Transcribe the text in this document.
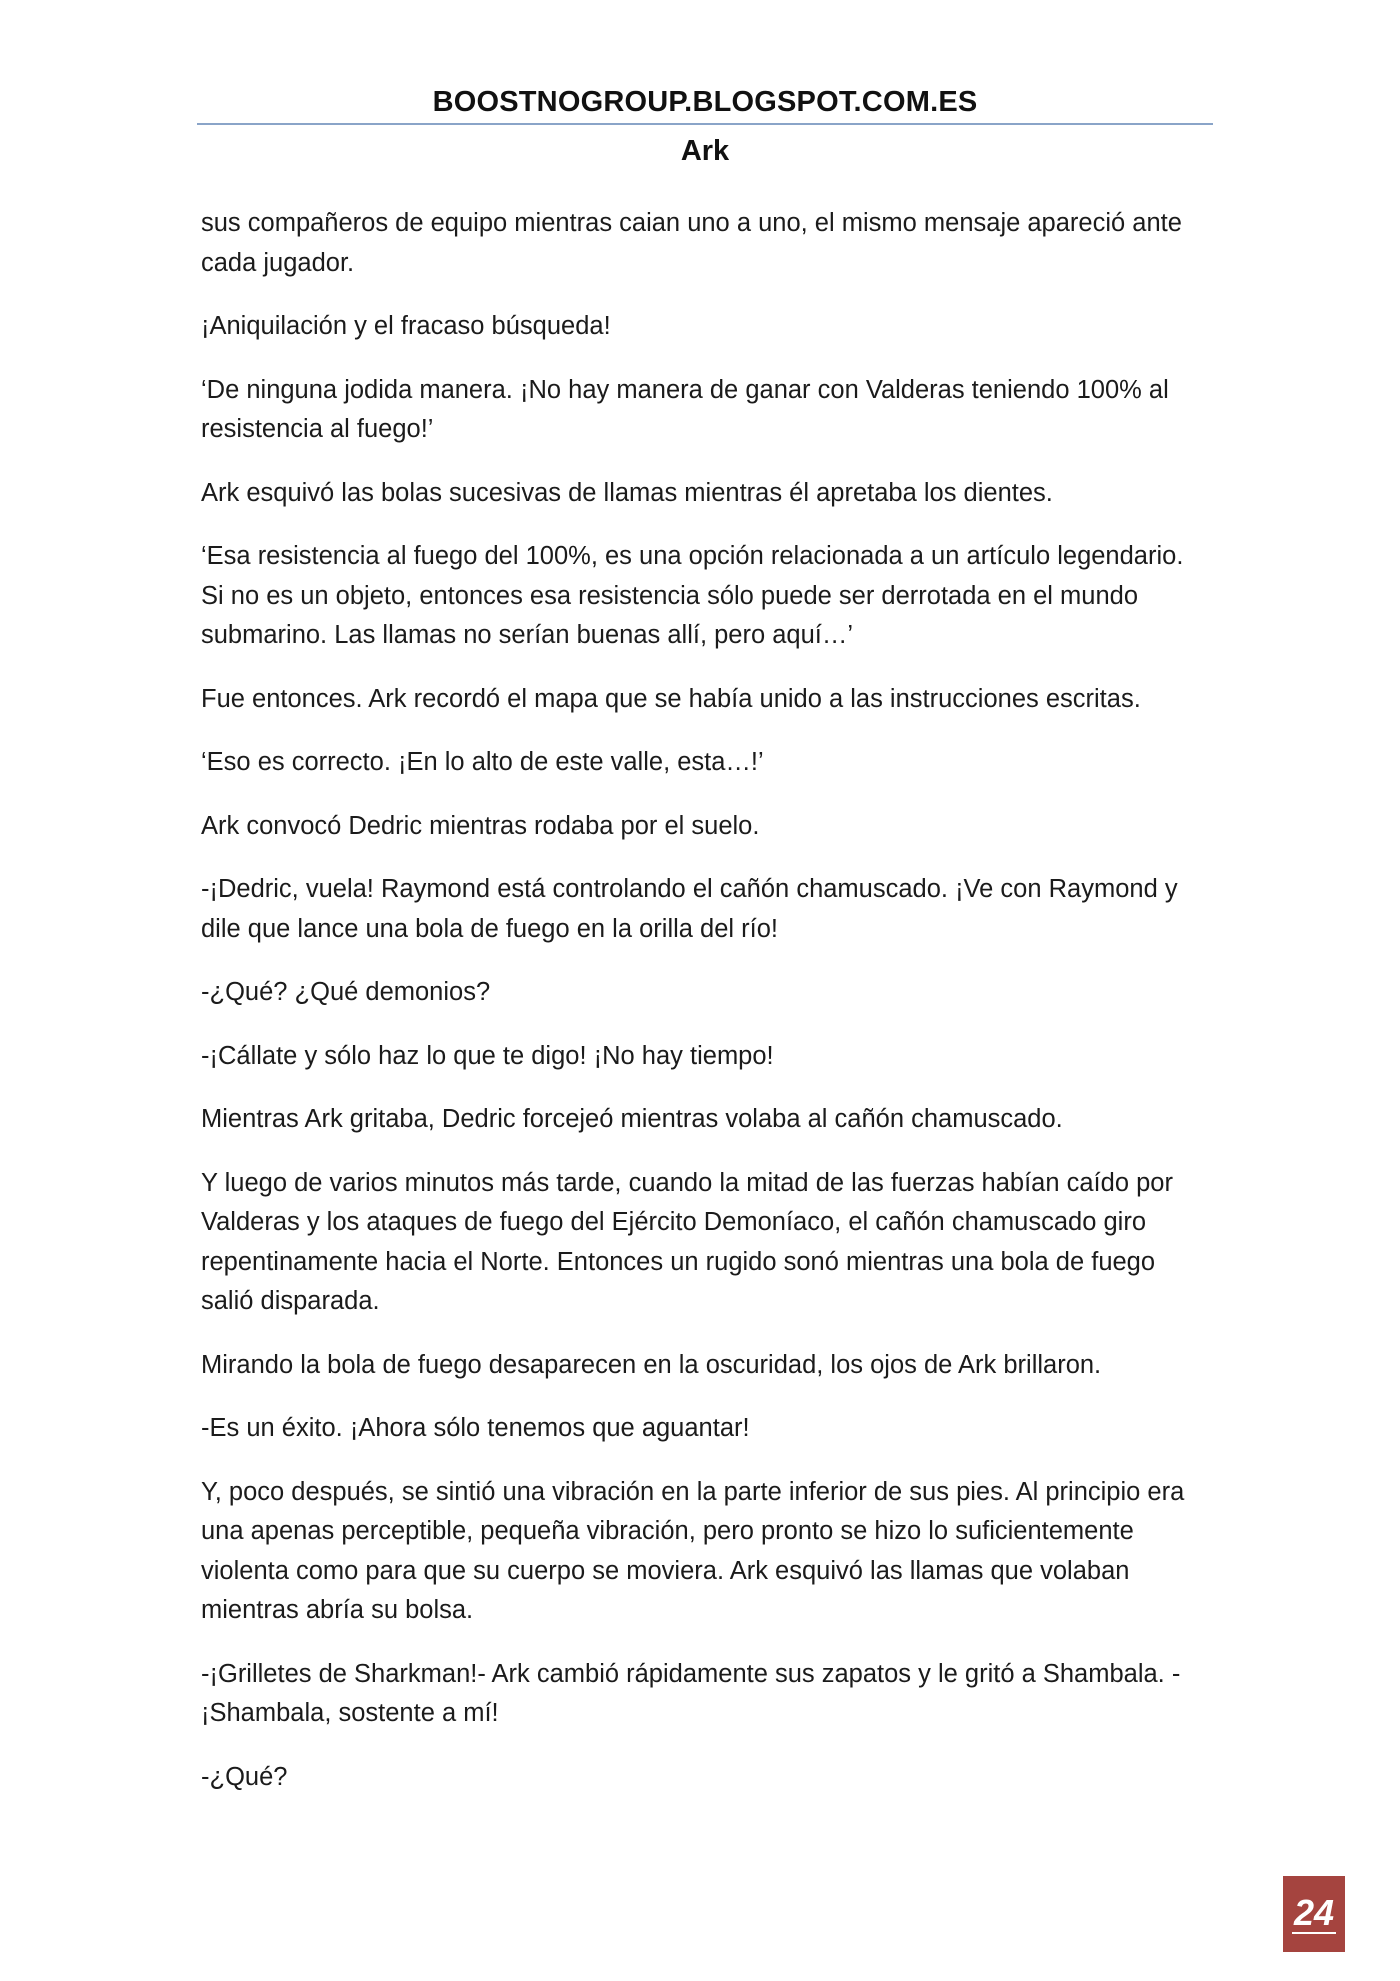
BOOSTNOGROUP.BLOGSPOT.COM.ES
Ark

sus compañeros de equipo mientras caian uno a uno, el mismo mensaje apareció ante cada jugador.

¡Aniquilación y el fracaso búsqueda!

‘De ninguna jodida manera. ¡No hay manera de ganar con Valderas teniendo 100% al resistencia al fuego!’

Ark esquivó las bolas sucesivas de llamas mientras él apretaba los dientes.

‘Esa resistencia al fuego del 100%, es una opción relacionada a un artículo legendario. Si no es un objeto, entonces esa resistencia sólo puede ser derrotada en el mundo submarino. Las llamas no serían buenas allí, pero aquí…’

Fue entonces. Ark recordó el mapa que se había unido a las instrucciones escritas.

‘Eso es correcto. ¡En lo alto de este valle, esta…!’

Ark convocó Dedric mientras rodaba por el suelo.

-¡Dedric, vuela! Raymond está controlando el cañón chamuscado. ¡Ve con Raymond y dile que lance una bola de fuego en la orilla del río!

-¿Qué? ¿Qué demonios?

-¡Cállate y sólo haz lo que te digo! ¡No hay tiempo!

Mientras Ark gritaba, Dedric forcejeó mientras volaba al cañón chamuscado.

Y luego de varios minutos más tarde, cuando la mitad de las fuerzas habían caído por Valderas y los ataques de fuego del Ejército Demoníaco, el cañón chamuscado giro repentinamente hacia el Norte. Entonces un rugido sonó mientras una bola de fuego salió disparada.

Mirando la bola de fuego desaparecen en la oscuridad, los ojos de Ark brillaron.

-Es un éxito. ¡Ahora sólo tenemos que aguantar!

Y, poco después, se sintió una vibración en la parte inferior de sus pies. Al principio era una apenas perceptible, pequeña vibración, pero pronto se hizo lo suficientemente violenta como para que su cuerpo se moviera. Ark esquivó las llamas que volaban mientras abría su bolsa.

-¡Grilletes de Sharkman!- Ark cambió rápidamente sus zapatos y le gritó a Shambala. -¡Shambala, sostente a mí!

-¿Qué?

24
